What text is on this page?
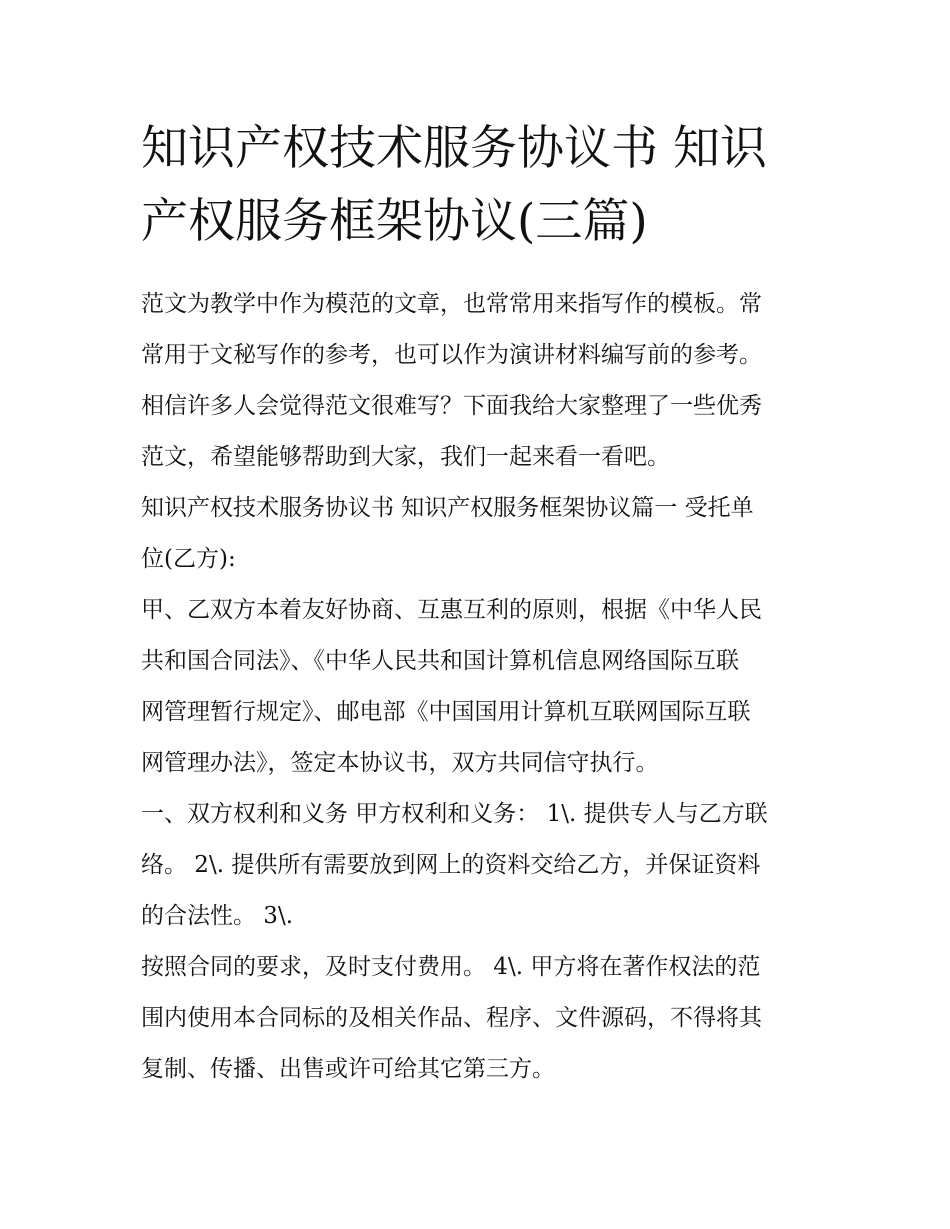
知识产权技术服务协议书 知识
产权服务框架协议(三篇)

范文为教学中作为模范的文章，也常常用来指写作的模板。常
常用于文秘写作的参考，也可以作为演讲材料编写前的参考。
相信许多人会觉得范文很难写？下面我给大家整理了一些优秀
范文，希望能够帮助到大家，我们一起来看一看吧。

知识产权技术服务协议书 知识产权服务框架协议篇一 受托单
位(乙方):

甲、乙双方本着友好协商、互惠互利的原则，根据《中华人民
共和国合同法》、《中华人民共和国计算机信息网络国际互联
网管理暂行规定》、邮电部《中国国用计算机互联网国际互联
网管理办法》，签定本协议书，双方共同信守执行。

一、双方权利和义务 甲方权利和义务： 1\. 提供专人与乙方联
络。 2\. 提供所有需要放到网上的资料交给乙方，并保证资料
的合法性。 3\.

按照合同的要求，及时支付费用。 4\. 甲方将在著作权法的范
围内使用本合同标的及相关作品、程序、文件源码，不得将其
复制、传播、出售或许可给其它第三方。
